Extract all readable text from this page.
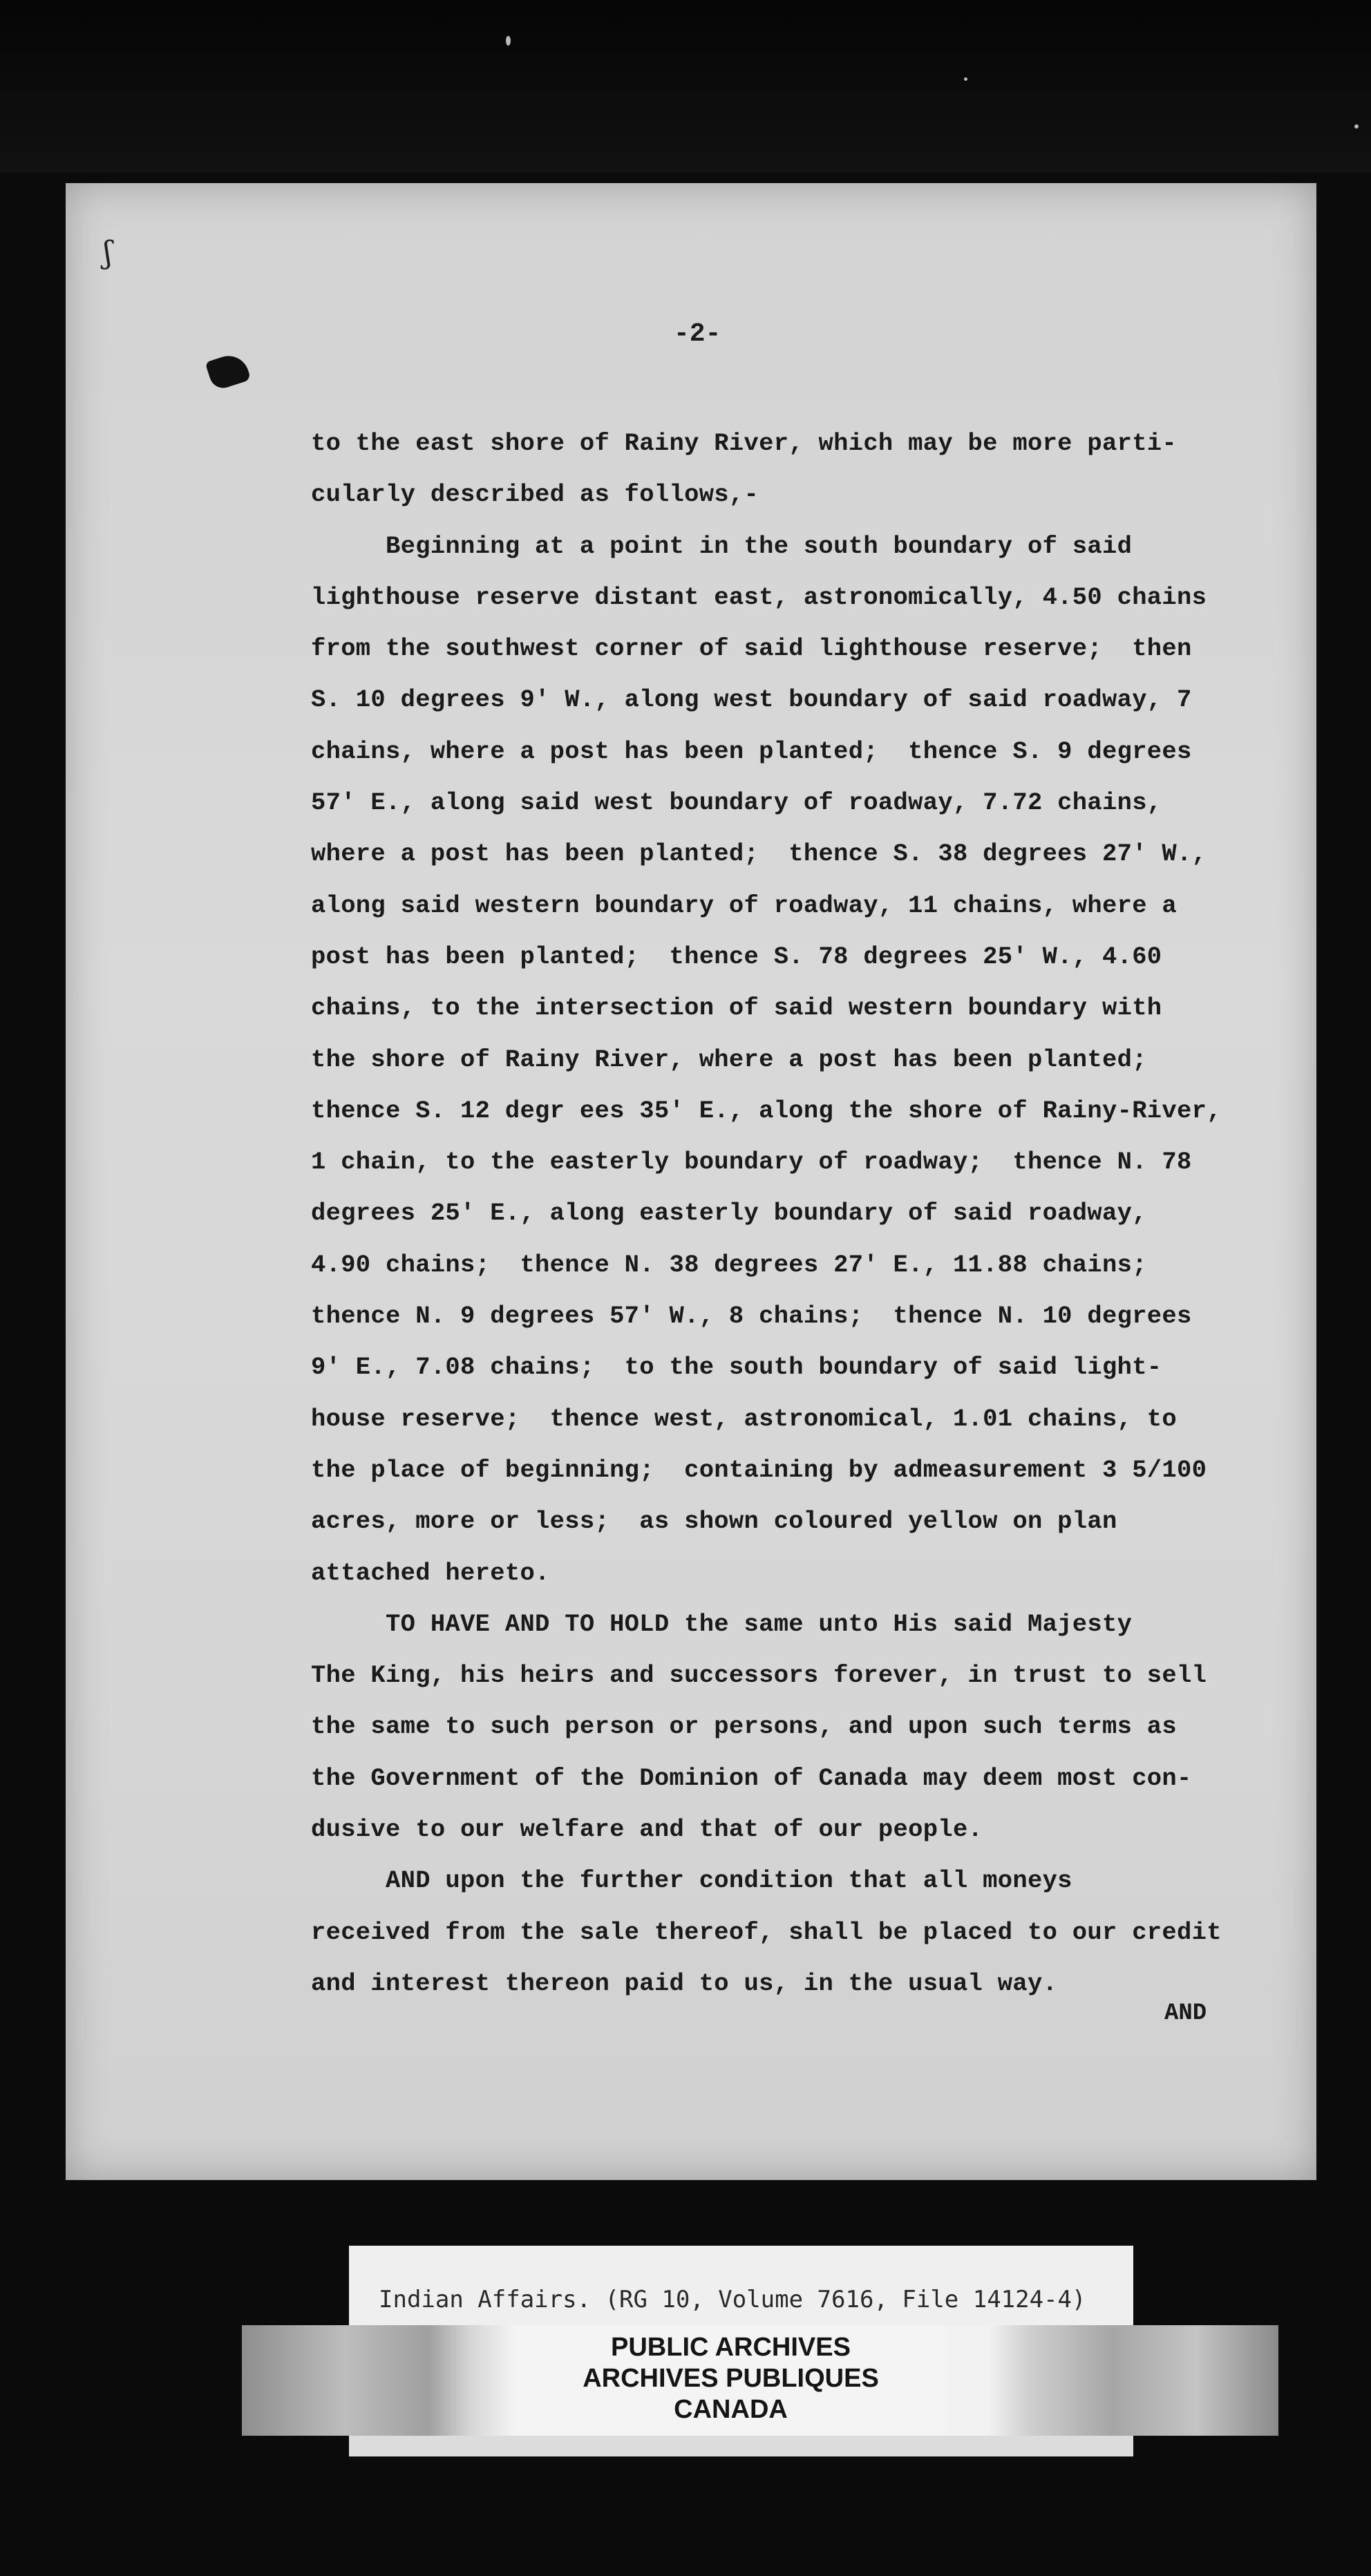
ʃ
-2-
to the east shore of Rainy River, which may be more parti-
cularly described as follows,-
Beginning at a point in the south boundary of said
lighthouse reserve distant east, astronomically, 4.50 chains
from the southwest corner of said lighthouse reserve;  then
S. 10 degrees 9' W., along west boundary of said roadway, 7
chains, where a post has been planted;  thence S. 9 degrees
57' E., along said west boundary of roadway, 7.72 chains,
where a post has been planted;  thence S. 38 degrees 27' W.,
along said western boundary of roadway, 11 chains, where a
post has been planted;  thence S. 78 degrees 25' W., 4.60
chains, to the intersection of said western boundary with
the shore of Rainy River, where a post has been planted;
thence S. 12 degr ees 35' E., along the shore of Rainy-River,
1 chain, to the easterly boundary of roadway;  thence N. 78
degrees 25' E., along easterly boundary of said roadway,
4.90 chains;  thence N. 38 degrees 27' E., 11.88 chains;
thence N. 9 degrees 57' W., 8 chains;  thence N. 10 degrees
9' E., 7.08 chains;  to the south boundary of said light-
house reserve;  thence west, astronomical, 1.01 chains, to
the place of beginning;  containing by admeasurement 3 5/100
acres, more or less;  as shown coloured yellow on plan
attached hereto.
TO HAVE AND TO HOLD the same unto His said Majesty
The King, his heirs and successors forever, in trust to sell
the same to such person or persons, and upon such terms as
the Government of the Dominion of Canada may deem most con-
dusive to our welfare and that of our people.
AND upon the further condition that all moneys
received from the sale thereof, shall be placed to our credit
and interest thereon paid to us, in the usual way.
AND
Indian Affairs. (RG 10, Volume 7616, File 14124-4)
PUBLIC ARCHIVES
ARCHIVES PUBLIQUES
CANADA
